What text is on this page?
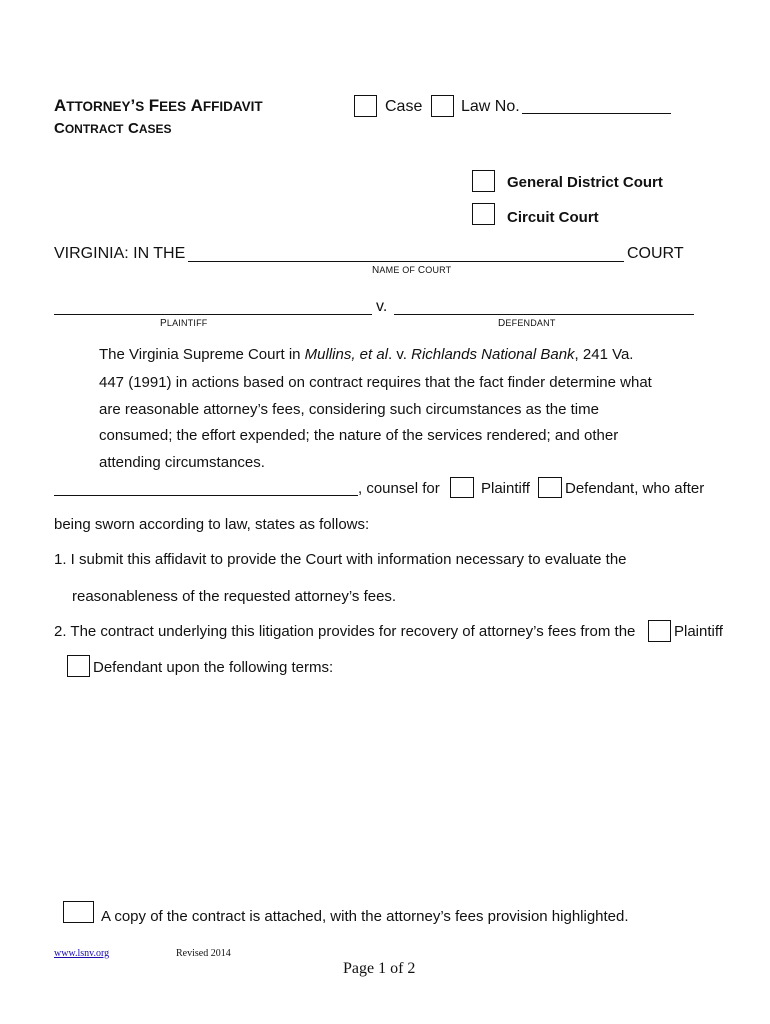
ATTORNEY’S FEES AFFIDAVIT
CONTRACT CASES
Case Law No.
General District Court
Circuit Court
VIRGINIA: IN THE	COURT
NAME OF COURT
v.
PLAINTIFF	DEFENDANT
The Virginia Supreme Court in Mullins, et al. v. Richlands National Bank, 241 Va.
447 (1991) in actions based on contract requires that the fact finder determine what
are reasonable attorney’s fees, considering such circumstances as the time
consumed; the effort expended; the nature of the services rendered; and other
attending circumstances.
, counsel for	Plaintiff Defendant, who after
being sworn according to law, states as follows:
1. I submit this affidavit to provide the Court with information necessary to evaluate the
reasonableness of the requested attorney’s fees.
2. The contract underlying this litigation provides for recovery of attorney’s fees from the	Plaintiff
Defendant upon the following terms:
A copy of the contract is attached, with the attorney’s fees provision highlighted.
www.lsnv.org	Revised 2014
Page 1 of 2
